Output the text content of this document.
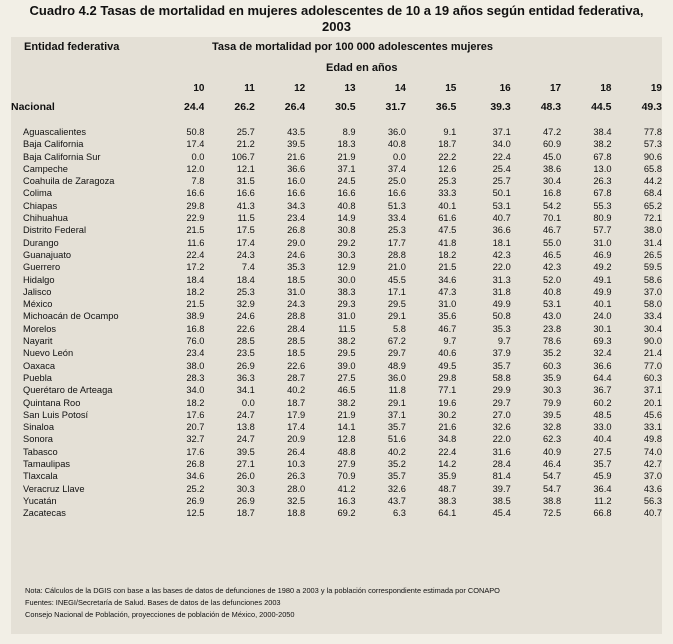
Cuadro 4.2 Tasas de mortalidad en mujeres adolescentes de 10 a 19 años según entidad federativa,
2003
Entidad federativa	Tasa de mortalidad por 100 000 adolescentes mujeres
Edad en años
	10	11	12	13	14	15	16	17	18	19
Nacional	24.4	26.2	26.4	30.5	31.7	36.5	39.3	48.3	44.5	49.3

Aguascalientes	50.8	25.7	43.5	8.9	36.0	9.1	37.1	47.2	38.4	77.8
Baja California	17.4	21.2	39.5	18.3	40.8	18.7	34.0	60.9	38.2	57.3
Baja California Sur	0.0	106.7	21.6	21.9	0.0	22.2	22.4	45.0	67.8	90.6
Campeche	12.0	12.1	36.6	37.1	37.4	12.6	25.4	38.6	13.0	65.8
Coahuila de Zaragoza	7.8	31.5	16.0	24.5	25.0	25.3	25.7	30.4	26.3	44.2
Colima	16.6	16.6	16.6	16.6	16.6	33.3	50.1	16.8	67.8	68.4
Chiapas	29.8	41.3	34.3	40.8	51.3	40.1	53.1	54.2	55.3	65.2
Chihuahua	22.9	11.5	23.4	14.9	33.4	61.6	40.7	70.1	80.9	72.1
Distrito Federal	21.5	17.5	26.8	30.8	25.3	47.5	36.6	46.7	57.7	38.0
Durango	11.6	17.4	29.0	29.2	17.7	41.8	18.1	55.0	31.0	31.4
Guanajuato	22.4	24.3	24.6	30.3	28.8	18.2	42.3	46.5	46.9	26.5
Guerrero	17.2	7.4	35.3	12.9	21.0	21.5	22.0	42.3	49.2	59.5
Hidalgo	18.4	18.4	18.5	30.0	45.5	34.6	31.3	52.0	49.1	58.6
Jalisco	18.2	25.3	31.0	38.3	17.1	47.3	31.8	40.8	49.9	37.0
México	21.5	32.9	24.3	29.3	29.5	31.0	49.9	53.1	40.1	58.0
Michoacán de Ocampo	38.9	24.6	28.8	31.0	29.1	35.6	50.8	43.0	24.0	33.4
Morelos	16.8	22.6	28.4	11.5	5.8	46.7	35.3	23.8	30.1	30.4
Nayarit	76.0	28.5	28.5	38.2	67.2	9.7	9.7	78.6	69.3	90.0
Nuevo León	23.4	23.5	18.5	29.5	29.7	40.6	37.9	35.2	32.4	21.4
Oaxaca	38.0	26.9	22.6	39.0	48.9	49.5	35.7	60.3	36.6	77.0
Puebla	28.3	36.3	28.7	27.5	36.0	29.8	58.8	35.9	64.4	60.3
Querétaro de Arteaga	34.0	34.1	40.2	46.5	11.8	77.1	29.9	30.3	36.7	37.1
Quintana Roo	18.2	0.0	18.7	38.2	29.1	19.6	29.7	79.9	60.2	20.1
San Luis Potosí	17.6	24.7	17.9	21.9	37.1	30.2	27.0	39.5	48.5	45.6
Sinaloa	20.7	13.8	17.4	14.1	35.7	21.6	32.6	32.8	33.0	33.1
Sonora	32.7	24.7	20.9	12.8	51.6	34.8	22.0	62.3	40.4	49.8
Tabasco	17.6	39.5	26.4	48.8	40.2	22.4	31.6	40.9	27.5	74.0
Tamaulipas	26.8	27.1	10.3	27.9	35.2	14.2	28.4	46.4	35.7	42.7
Tlaxcala	34.6	26.0	26.3	70.9	35.7	35.9	81.4	54.7	45.9	37.0
Veracruz Llave	25.2	30.3	28.0	41.2	32.6	48.7	39.7	54.7	36.4	43.6
Yucatán	26.9	26.9	32.5	16.3	43.7	38.3	38.5	38.8	11.2	56.3
Zacatecas	12.5	18.7	18.8	69.2	6.3	64.1	45.4	72.5	66.8	40.7
Nota: Cálculos de la DGIS con base a las bases de datos de defunciones de 1980 a 2003 y la población correspondiente estimada por CONAPO
Fuentes: INEGI/Secretaría de Salud. Bases de datos de las defunciones 2003
Consejo Nacional de Población, proyecciones de población de México, 2000-2050
